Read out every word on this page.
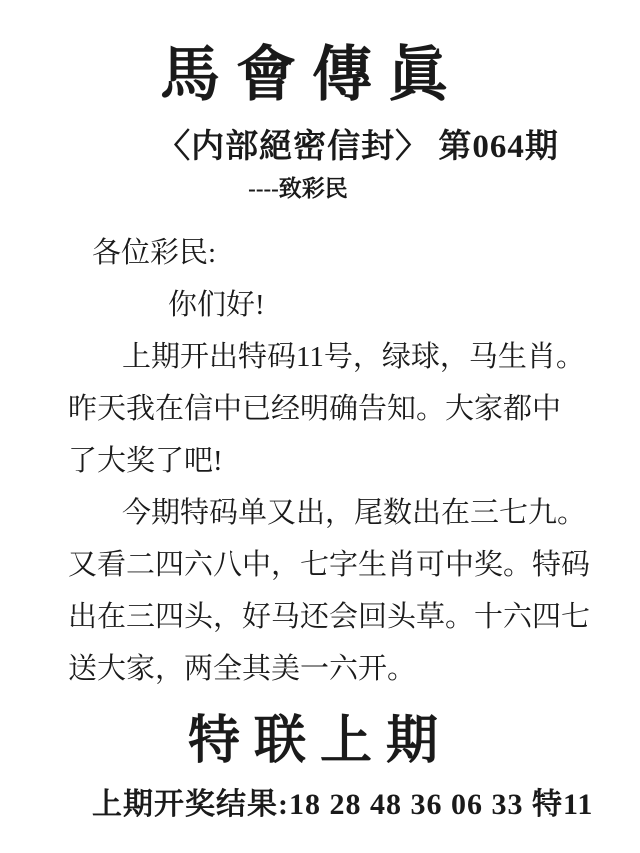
馬會傳眞
〈内部絕密信封〉 第064期
----致彩民
各位彩民:
你们好!
上期开出特码11号，绿球，马生肖。
昨天我在信中已经明确告知。大家都中
了大奖了吧!
今期特码单又出，尾数出在三七九。
又看二四六八中，七字生肖可中奖。特码
出在三四头，好马还会回头草。十六四七
送大家，两全其美一六开。
特联上期
上期开奖结果:18 28 48 36 06 33 特11
